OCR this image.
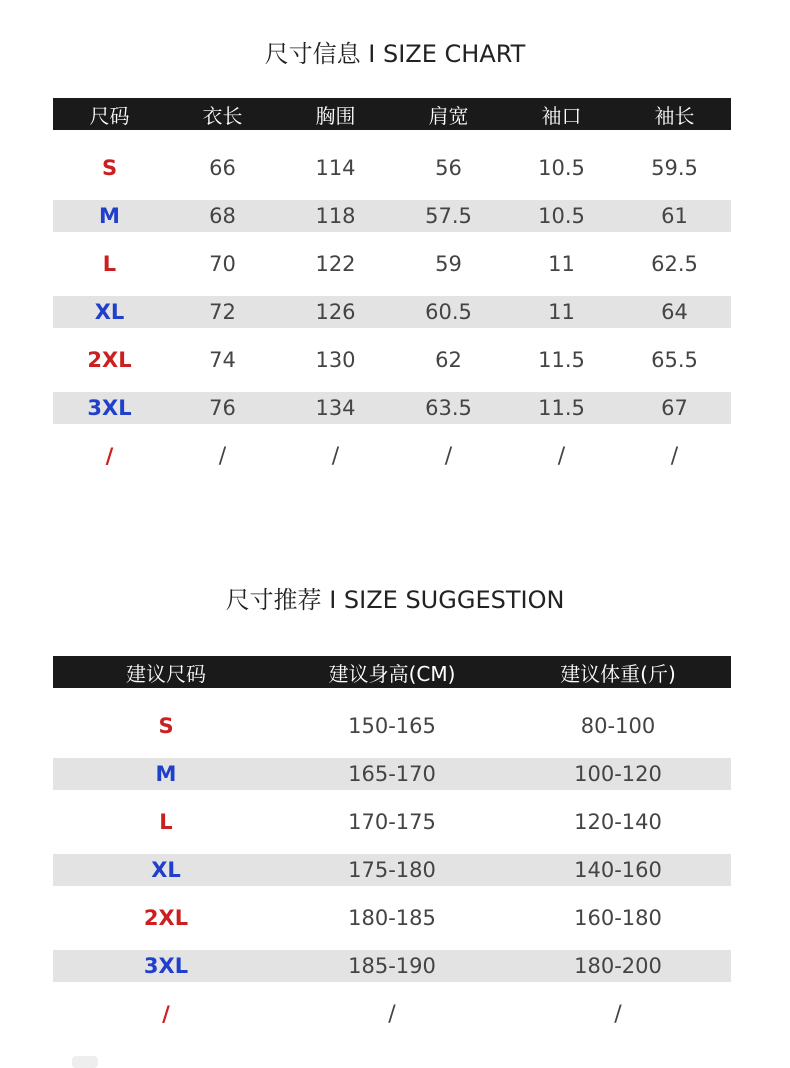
尺寸信息 I SIZE CHART
尺码	衣长	胸围	肩宽	袖口	袖长

S	66	114	56	10.5	59.5

M	68	118	57.5	10.5	61
L	70	122	59	11	62.5

XL	72	126	60.5	11	64
2XL	74	130	62	11.5	65.5

3XL	76	134	63.5	11.5	67
/	/	/	/	/	/
尺寸推荐 I SIZE SUGGESTION
建议尺码	建议身高(CM)	建议体重(斤)

S	150-165	80-100

M	165-170	100-120
L	170-175	120-140

XL	175-180	140-160
2XL	180-185	160-180

3XL	185-190	180-200
/	/	/
